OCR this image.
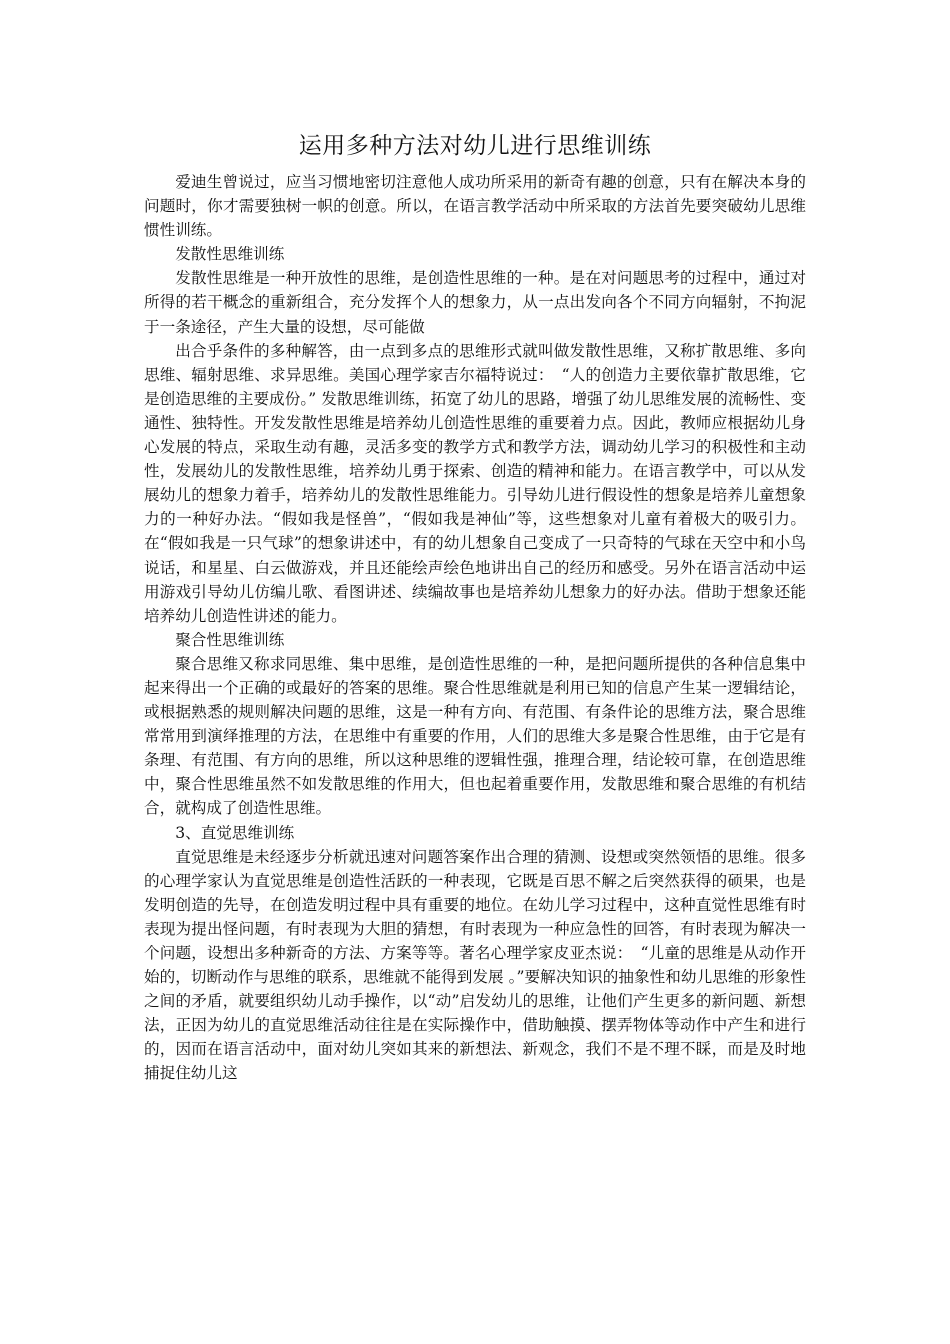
运用多种方法对幼儿进行思维训练

爱迪生曾说过，应当习惯地密切注意他人成功所采用的新奇有趣的创意，只有在解决本身的问题时，你才需要独树一帜的创意。所以，在语言教学活动中所采取的方法首先要突破幼儿思维惯性训练。

发散性思维训练

发散性思维是一种开放性的思维，是创造性思维的一种。是在对问题思考的过程中，通过对所得的若干概念的重新组合，充分发挥个人的想象力，从一点出发向各个不同方向辐射，不拘泥于一条途径，产生大量的设想，尽可能做

出合乎条件的多种解答，由一点到多点的思维形式就叫做发散性思维，又称扩散思维、多向思维、辐射思维、求异思维。美国心理学家吉尔福特说过：　“人的创造力主要依靠扩散思维，它是创造思维的主要成份。” 发散思维训练，拓宽了幼儿的思路，增强了幼儿思维发展的流畅性、变通性、独特性。开发发散性思维是培养幼儿创造性思维的重要着力点。因此，教师应根据幼儿身心发展的特点，采取生动有趣，灵活多变的教学方式和教学方法，调动幼儿学习的积极性和主动性，发展幼儿的发散性思维，培养幼儿勇于探索、创造的精神和能力。在语言教学中，可以从发展幼儿的想象力着手，培养幼儿的发散性思维能力。引导幼儿进行假设性的想象是培养儿童想象力的一种好办法。“假如我是怪兽”，“假如我是神仙”等，这些想象对儿童有着极大的吸引力。在“假如我是一只气球”的想象讲述中，有的幼儿想象自己变成了一只奇特的气球在天空中和小鸟说话，和星星、白云做游戏，并且还能绘声绘色地讲出自己的经历和感受。另外在语言活动中运用游戏引导幼儿仿编儿歌、看图讲述、续编故事也是培养幼儿想象力的好办法。借助于想象还能培养幼儿创造性讲述的能力。

聚合性思维训练

聚合思维又称求同思维、集中思维，是创造性思维的一种，是把问题所提供的各种信息集中起来得出一个正确的或最好的答案的思维。聚合性思维就是利用已知的信息产生某一逻辑结论，或根据熟悉的规则解决问题的思维，这是一种有方向、有范围、有条件论的思维方法，聚合思维常常用到演绎推理的方法，在思维中有重要的作用，人们的思维大多是聚合性思维，由于它是有条理、有范围、有方向的思维，所以这种思维的逻辑性强，推理合理，结论较可靠，在创造思维中，聚合性思维虽然不如发散思维的作用大，但也起着重要作用，发散思维和聚合思维的有机结合，就构成了创造性思维。

3、直觉思维训练

直觉思维是未经逐步分析就迅速对问题答案作出合理的猜测、设想或突然领悟的思维。很多的心理学家认为直觉思维是创造性活跃的一种表现，它既是百思不解之后突然获得的硕果，也是发明创造的先导，在创造发明过程中具有重要的地位。在幼儿学习过程中，这种直觉性思维有时表现为提出怪问题，有时表现为大胆的猜想，有时表现为一种应急性的回答，有时表现为解决一个问题，设想出多种新奇的方法、方案等等。著名心理学家皮亚杰说：　“儿童的思维是从动作开始的，切断动作与思维的联系，思维就不能得到发展 。”要解决知识的抽象性和幼儿思维的形象性之间的矛盾，就要组织幼儿动手操作，以“动”启发幼儿的思维，让他们产生更多的新问题、新想法，正因为幼儿的直觉思维活动往往是在实际操作中，借助触摸、摆弄物体等动作中产生和进行的，因而在语言活动中，面对幼儿突如其来的新想法、新观念，我们不是不理不睬，而是及时地捕捉住幼儿这
